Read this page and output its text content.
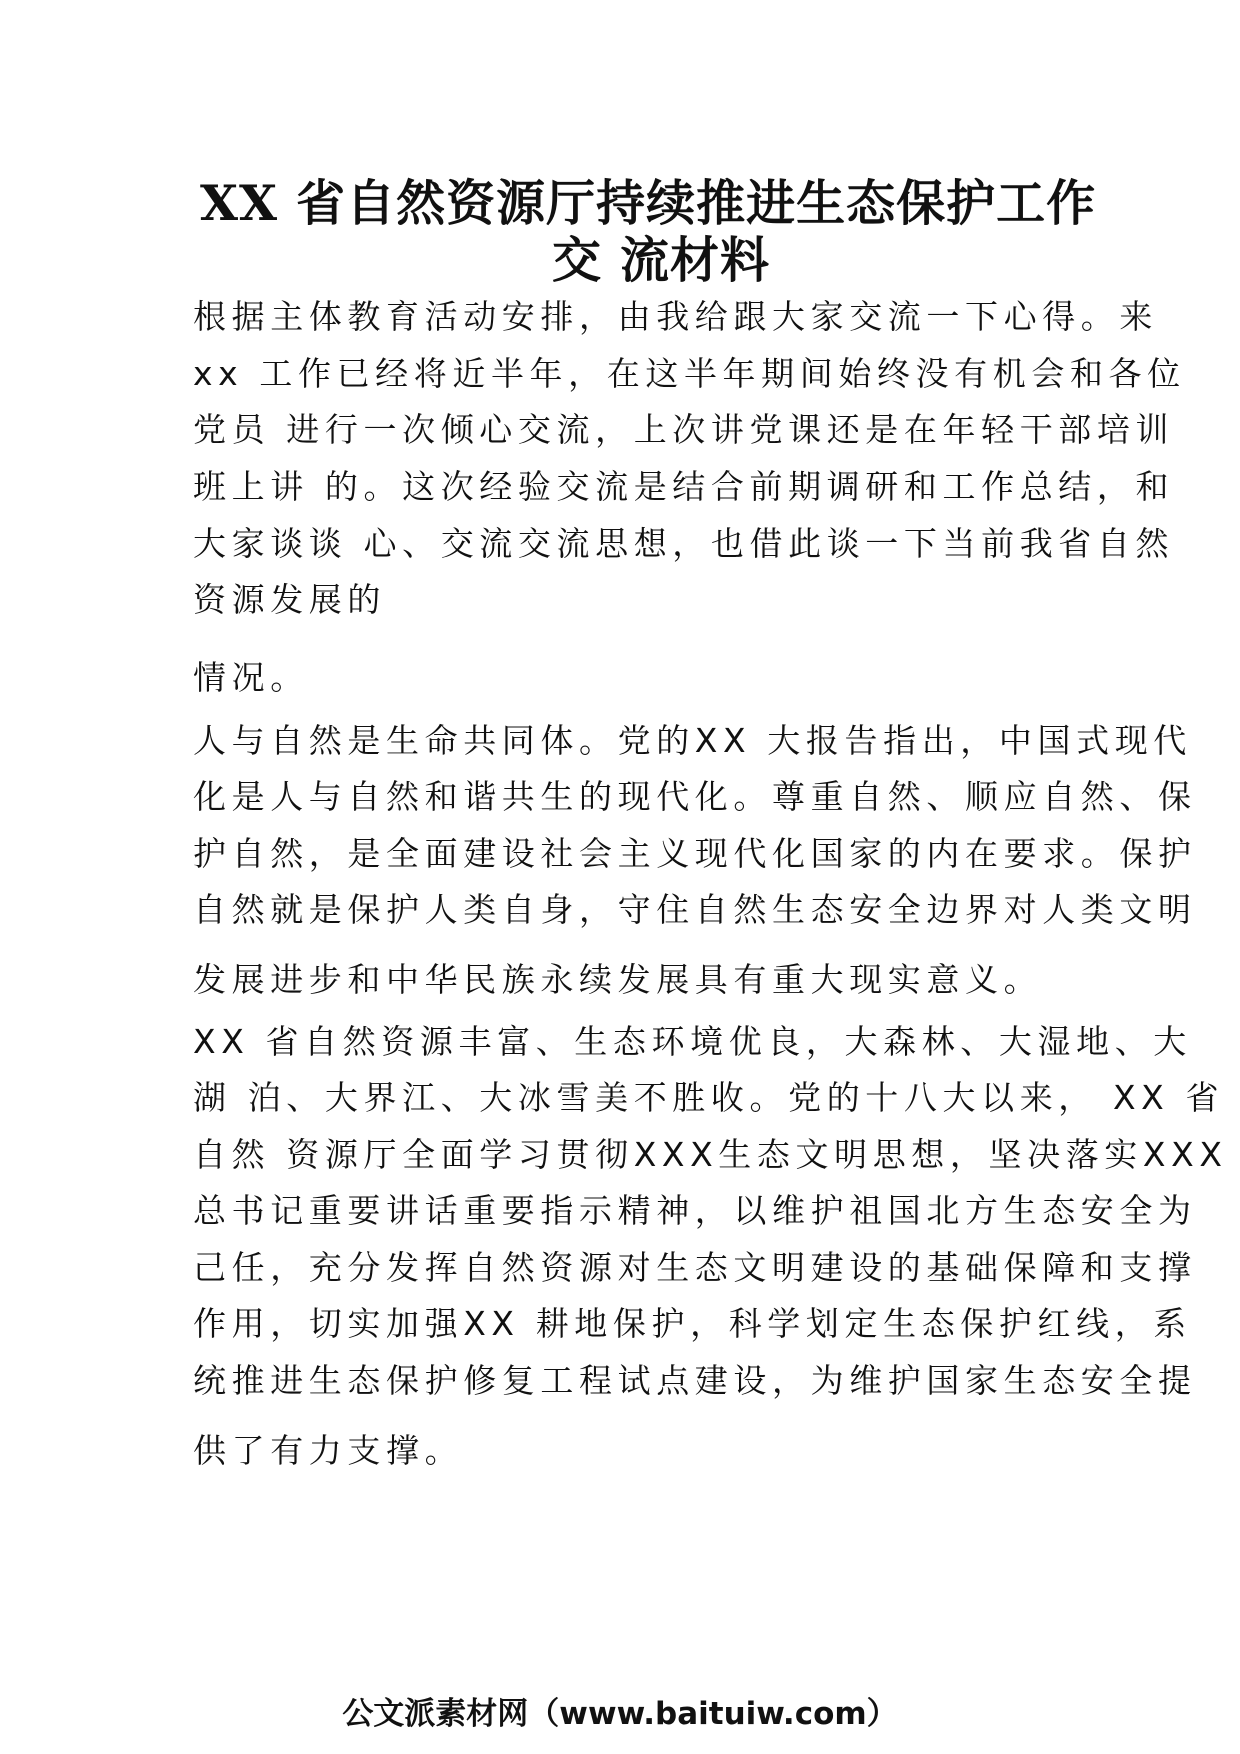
XX 省自然资源厅持续推进生态保护工作
交 流材料

根据主体教育活动安排，由我给跟大家交流一下心得。来

xx 工作已经将近半年，在这半年期间始终没有机会和各位

党员 进行一次倾心交流，上次讲党课还是在年轻干部培训

班上讲 的。这次经验交流是结合前期调研和工作总结，和

大家谈谈 心、交流交流思想，也借此谈一下当前我省自然

资源发展的

情况。

人与自然是生命共同体。党的XX 大报告指出，中国式现代

化是人与自然和谐共生的现代化。尊重自然、顺应自然、保

护自然，是全面建设社会主义现代化国家的内在要求。保护

自然就是保护人类自身，守住自然生态安全边界对人类文明

发展进步和中华民族永续发展具有重大现实意义。

XX 省自然资源丰富、生态环境优良，大森林、大湿地、大

湖 泊、大界江、大冰雪美不胜收。党的十八大以来， XX 省

自然 资源厅全面学习贯彻XXX生态文明思想，坚决落实XXX

总书记重要讲话重要指示精神，以维护祖国北方生态安全为

己任，充分发挥自然资源对生态文明建设的基础保障和支撑

作用，切实加强XX 耕地保护，科学划定生态保护红线，系

统推进生态保护修复工程试点建设，为维护国家生态安全提

供了有力支撑。

公文派素材网（www.baituiw.com）
